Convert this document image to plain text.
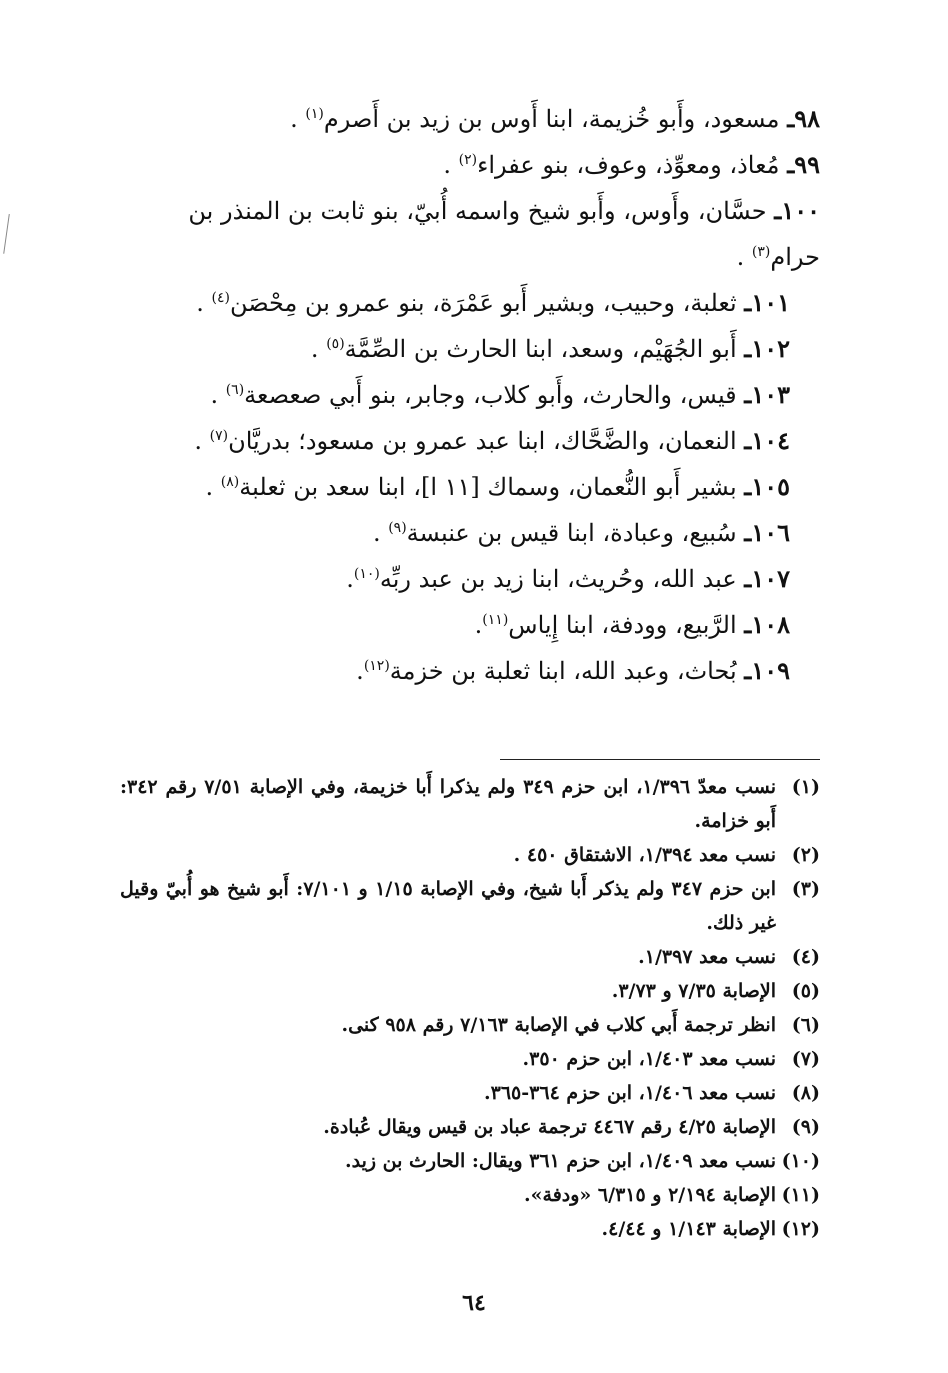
٩٨ـ مسعود، وأَبو خُزيمة، ابنا أَوس بن زيد بن أَصرم$^{(١)}$ .
٩٩ـ مُعاذ، ومعوِّذ، وعوف، بنو عفراء$^{(٢)}$ .
١٠٠ـ حسَّان، وأَوس، وأَبو شيخ واسمه أُبيّ، بنو ثابت بن المنذر بن
حرام$^{(٣)}$ .
١٠١ـ ثعلبة، وحبيب، وبشير أَبو عَمْرَة، بنو عمرو بن مِحْصَن$^{(٤)}$ .
١٠٢ـ أَبو الجُهَيْم، وسعد، ابنا الحارث بن الصِّمَّة$^{(٥)}$ .
١٠٣ـ قيس، والحارث، وأَبو كلاب، وجابر، بنو أَبي صعصعة$^{(٦)}$ .
١٠٤ـ النعمان، والضَّحَّاك، ابنا عبد عمرو بن مسعود؛ بدريَّان$^{(٧)}$ .
١٠٥ـ بشير أَبو النُّعمان، وسماك [١١ ا]، ابنا سعد بن ثعلبة$^{(٨)}$ .
١٠٦ـ سُبيع، وعبادة، ابنا قيس بن عنبسة$^{(٩)}$ .
١٠٧ـ عبد الله، وحُريث، ابنا زيد بن عبد ربِّه$^{(١٠)}$.
١٠٨ـ الرَّبيع، وودفة، ابنا إِياس$^{(١١)}$.
١٠٩ـ بُحاث، وعبد الله، ابنا ثعلبة بن خزمة$^{(١٢)}$.
(١)
نسب معدّ ١/٣٩٦، ابن حزم ٣٤٩ ولم يذكرا أَبا خزيمة، وفي الإصابة ٧/٥١ رقم ٣٤٢: أَبو خزامة.
(٢)
نسب معد ١/٣٩٤، الاشتقاق ٤٥٠ .
(٣)
ابن حزم ٣٤٧ ولم يذكر أَبا شيخ، وفي الإصابة ١/١٥ و ٧/١٠١: أَبو شيخ هو أُبيّ وقيل غير ذلك.
(٤)
نسب معد ١/٣٩٧.
(٥)
الإصابة ٧/٣٥ و ٣/٧٣.
(٦)
انظر ترجمة أَبي كلاب في الإصابة ٧/١٦٣ رقم ٩٥٨ كنى.
(٧)
نسب معد ١/٤٠٣، ابن حزم ٣٥٠.
(٨)
نسب معد ١/٤٠٦، ابن حزم ٣٦٤-٣٦٥.
(٩)
الإصابة ٤/٢٥ رقم ٤٤٦٧ ترجمة عباد بن قيس ويقال عُبادة.
(١٠)
نسب معد ١/٤٠٩، ابن حزم ٣٦١ ويقال: الحارث بن زيد.
(١١)
الإصابة ٢/١٩٤ و ٦/٣١٥ «ودفة».
(١٢)
الإصابة ١/١٤٣ و ٤/٤٤.
٦٤
